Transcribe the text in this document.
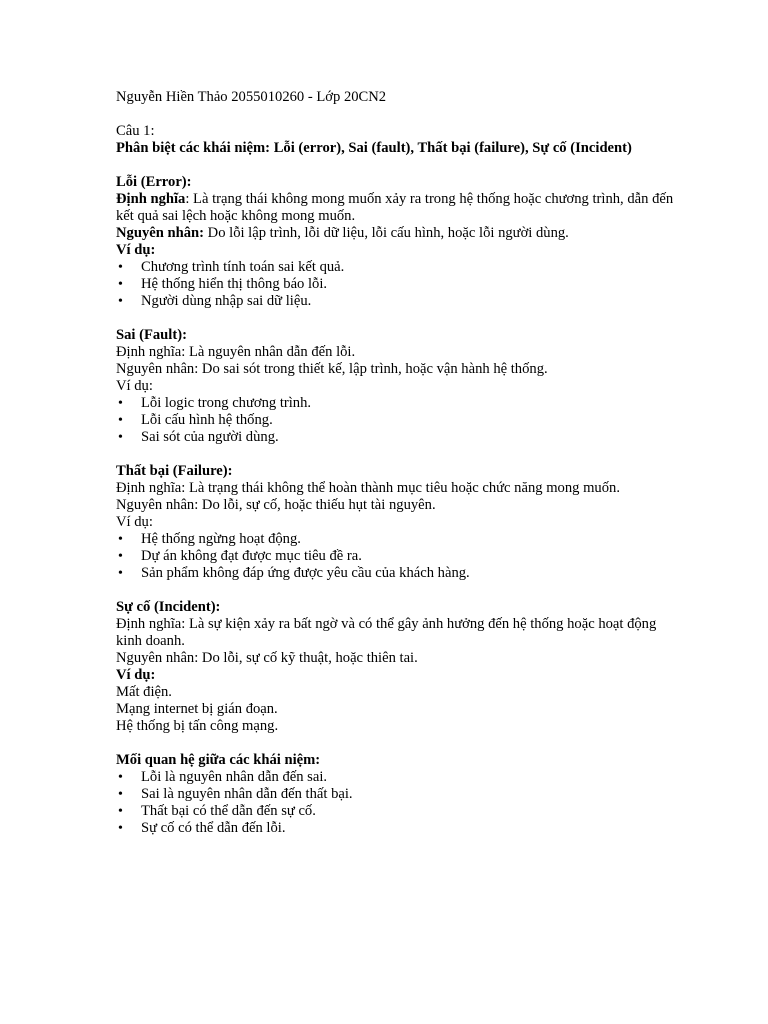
Nguyễn Hiền Thảo 2055010260 - Lớp 20CN2

Câu 1:

Phân biệt các khái niệm: Lỗi (error), Sai (fault), Thất bại (failure), Sự cố (Incident)

Lỗi (Error):

Định nghĩa: Là trạng thái không mong muốn xảy ra trong hệ thống hoặc chương trình, dẫn đến kết quả sai lệch hoặc không mong muốn.

Nguyên nhân: Do lỗi lập trình, lỗi dữ liệu, lỗi cấu hình, hoặc lỗi người dùng.

Ví dụ:

• Chương trình tính toán sai kết quả.
• Hệ thống hiển thị thông báo lỗi.
• Người dùng nhập sai dữ liệu.

Sai (Fault):

Định nghĩa: Là nguyên nhân dẫn đến lỗi.

Nguyên nhân: Do sai sót trong thiết kế, lập trình, hoặc vận hành hệ thống.

Ví dụ:

• Lỗi logic trong chương trình.
• Lỗi cấu hình hệ thống.
• Sai sót của người dùng.

Thất bại (Failure):

Định nghĩa: Là trạng thái không thể hoàn thành mục tiêu hoặc chức năng mong muốn.

Nguyên nhân: Do lỗi, sự cố, hoặc thiếu hụt tài nguyên.

Ví dụ:

• Hệ thống ngừng hoạt động.
• Dự án không đạt được mục tiêu đề ra.
• Sản phẩm không đáp ứng được yêu cầu của khách hàng.

Sự cố (Incident):

Định nghĩa: Là sự kiện xảy ra bất ngờ và có thể gây ảnh hưởng đến hệ thống hoặc hoạt động kinh doanh.

Nguyên nhân: Do lỗi, sự cố kỹ thuật, hoặc thiên tai.

Ví dụ:

Mất điện.

Mạng internet bị gián đoạn.

Hệ thống bị tấn công mạng.

Mối quan hệ giữa các khái niệm:

• Lỗi là nguyên nhân dẫn đến sai.
• Sai là nguyên nhân dẫn đến thất bại.
• Thất bại có thể dẫn đến sự cố.
• Sự cố có thể dẫn đến lỗi.
